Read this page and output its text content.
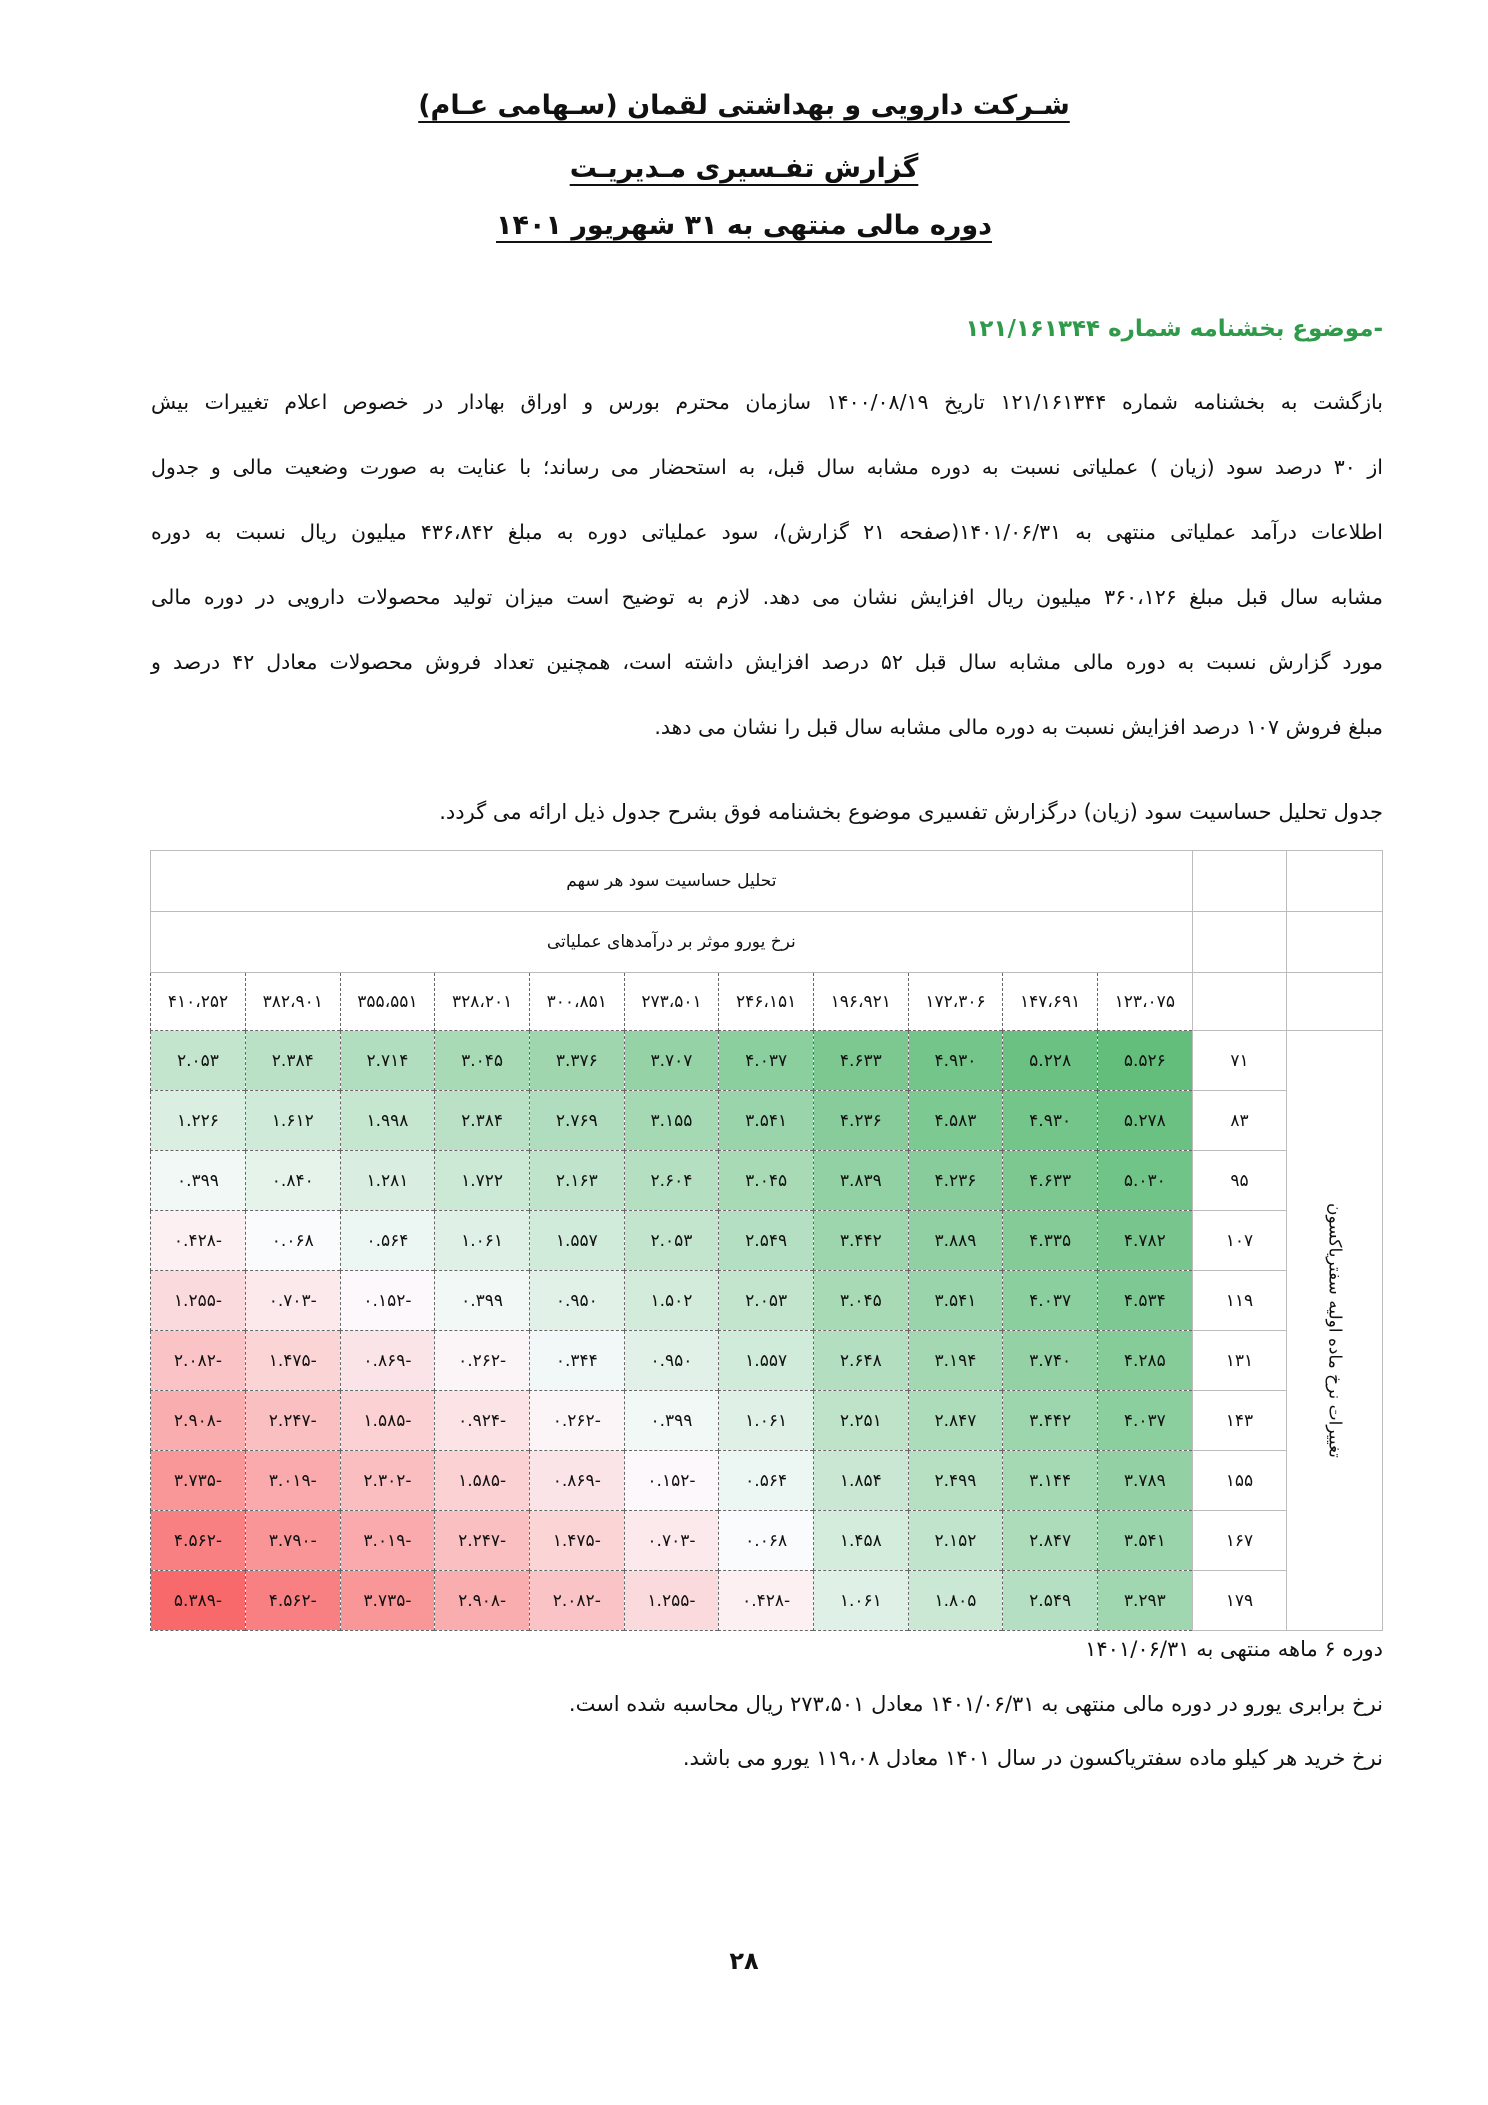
شـرکت دارویی و بهداشتی لقمان (سـهامی عـام)
گزارش تفـسیری مـدیریـت
دوره مالی منتهی به ۳۱ شهریور ۱۴۰۱
-موضوع بخشنامه شماره ۱۲۱/۱۶۱۳۴۴
بازگشت به بخشنامه شماره ۱۲۱/۱۶۱۳۴۴ تاریخ ۱۴۰۰/۰۸/۱۹ سازمان محترم بورس و اوراق بهادار در خصوص اعلام تغییرات بیش
از ۳۰ درصد سود (زیان ) عملیاتی نسبت به دوره مشابه سال قبل، به استحضار می رساند؛ با عنایت به صورت وضعیت مالی و جدول
اطلاعات درآمد عملیاتی منتهی به ۱۴۰۱/۰۶/۳۱(صفحه ۲۱ گزارش)، سود عملیاتی دوره به مبلغ ۴۳۶،۸۴۲ میلیون ریال نسبت به دوره
مشابه سال قبل مبلغ ۳۶۰،۱۲۶ میلیون ریال افزایش نشان می دهد. لازم به توضیح است میزان تولید محصولات دارویی در دوره مالی
مورد گزارش نسبت به دوره مالی مشابه سال قبل ۵۲ درصد افزایش داشته است، همچنین تعداد فروش محصولات معادل ۴۲ درصد و
مبلغ فروش ۱۰۷ درصد افزایش نسبت به دوره مالی مشابه سال قبل را نشان می دهد.
جدول تحلیل حساسیت سود (زیان) درگزارش تفسیری موضوع بخشنامه فوق بشرح جدول ذیل ارائه می گردد.
		تحلیل حساسیت سود هر سهم										
		نرخ یورو موثر بر درآمدهای عملیاتی										
		۱۲۳،۰۷۵	۱۴۷،۶۹۱	۱۷۲،۳۰۶	۱۹۶،۹۲۱	۲۴۶،۱۵۱	۲۷۳،۵۰۱	۳۰۰،۸۵۱	۳۲۸،۲۰۱	۳۵۵،۵۵۱	۳۸۲،۹۰۱	۴۱۰،۲۵۲
تغییرات نرخ ماده اولیه سفتریاکسون	۷۱	۵.۵۲۶	۵.۲۲۸	۴.۹۳۰	۴.۶۳۳	۴.۰۳۷	۳.۷۰۷	۳.۳۷۶	۳.۰۴۵	۲.۷۱۴	۲.۳۸۴	۲.۰۵۳
	۸۳	۵.۲۷۸	۴.۹۳۰	۴.۵۸۳	۴.۲۳۶	۳.۵۴۱	۳.۱۵۵	۲.۷۶۹	۲.۳۸۴	۱.۹۹۸	۱.۶۱۲	۱.۲۲۶
	۹۵	۵.۰۳۰	۴.۶۳۳	۴.۲۳۶	۳.۸۳۹	۳.۰۴۵	۲.۶۰۴	۲.۱۶۳	۱.۷۲۲	۱.۲۸۱	۰.۸۴۰	۰.۳۹۹
	۱۰۷	۴.۷۸۲	۴.۳۳۵	۳.۸۸۹	۳.۴۴۲	۲.۵۴۹	۲.۰۵۳	۱.۵۵۷	۱.۰۶۱	۰.۵۶۴	۰.۰۶۸	-۰.۴۲۸
	۱۱۹	۴.۵۳۴	۴.۰۳۷	۳.۵۴۱	۳.۰۴۵	۲.۰۵۳	۱.۵۰۲	۰.۹۵۰	۰.۳۹۹	-۰.۱۵۲	-۰.۷۰۳	-۱.۲۵۵
	۱۳۱	۴.۲۸۵	۳.۷۴۰	۳.۱۹۴	۲.۶۴۸	۱.۵۵۷	۰.۹۵۰	۰.۳۴۴	-۰.۲۶۲	-۰.۸۶۹	-۱.۴۷۵	-۲.۰۸۲
	۱۴۳	۴.۰۳۷	۳.۴۴۲	۲.۸۴۷	۲.۲۵۱	۱.۰۶۱	۰.۳۹۹	-۰.۲۶۲	-۰.۹۲۴	-۱.۵۸۵	-۲.۲۴۷	-۲.۹۰۸
	۱۵۵	۳.۷۸۹	۳.۱۴۴	۲.۴۹۹	۱.۸۵۴	۰.۵۶۴	-۰.۱۵۲	-۰.۸۶۹	-۱.۵۸۵	-۲.۳۰۲	-۳.۰۱۹	-۳.۷۳۵
	۱۶۷	۳.۵۴۱	۲.۸۴۷	۲.۱۵۲	۱.۴۵۸	۰.۰۶۸	-۰.۷۰۳	-۱.۴۷۵	-۲.۲۴۷	-۳.۰۱۹	-۳.۷۹۰	-۴.۵۶۲
	۱۷۹	۳.۲۹۳	۲.۵۴۹	۱.۸۰۵	۱.۰۶۱	-۰.۴۲۸	-۱.۲۵۵	-۲.۰۸۲	-۲.۹۰۸	-۳.۷۳۵	-۴.۵۶۲	-۵.۳۸۹
دوره ۶ ماهه منتهی به ۱۴۰۱/۰۶/۳۱
نرخ برابری یورو در دوره مالی منتهی به ۱۴۰۱/۰۶/۳۱ معادل ۲۷۳،۵۰۱ ریال محاسبه شده است.
نرخ خرید هر کیلو ماده سفتریاکسون در سال ۱۴۰۱ معادل ۱۱۹،۰۸ یورو می باشد.
۲۸
